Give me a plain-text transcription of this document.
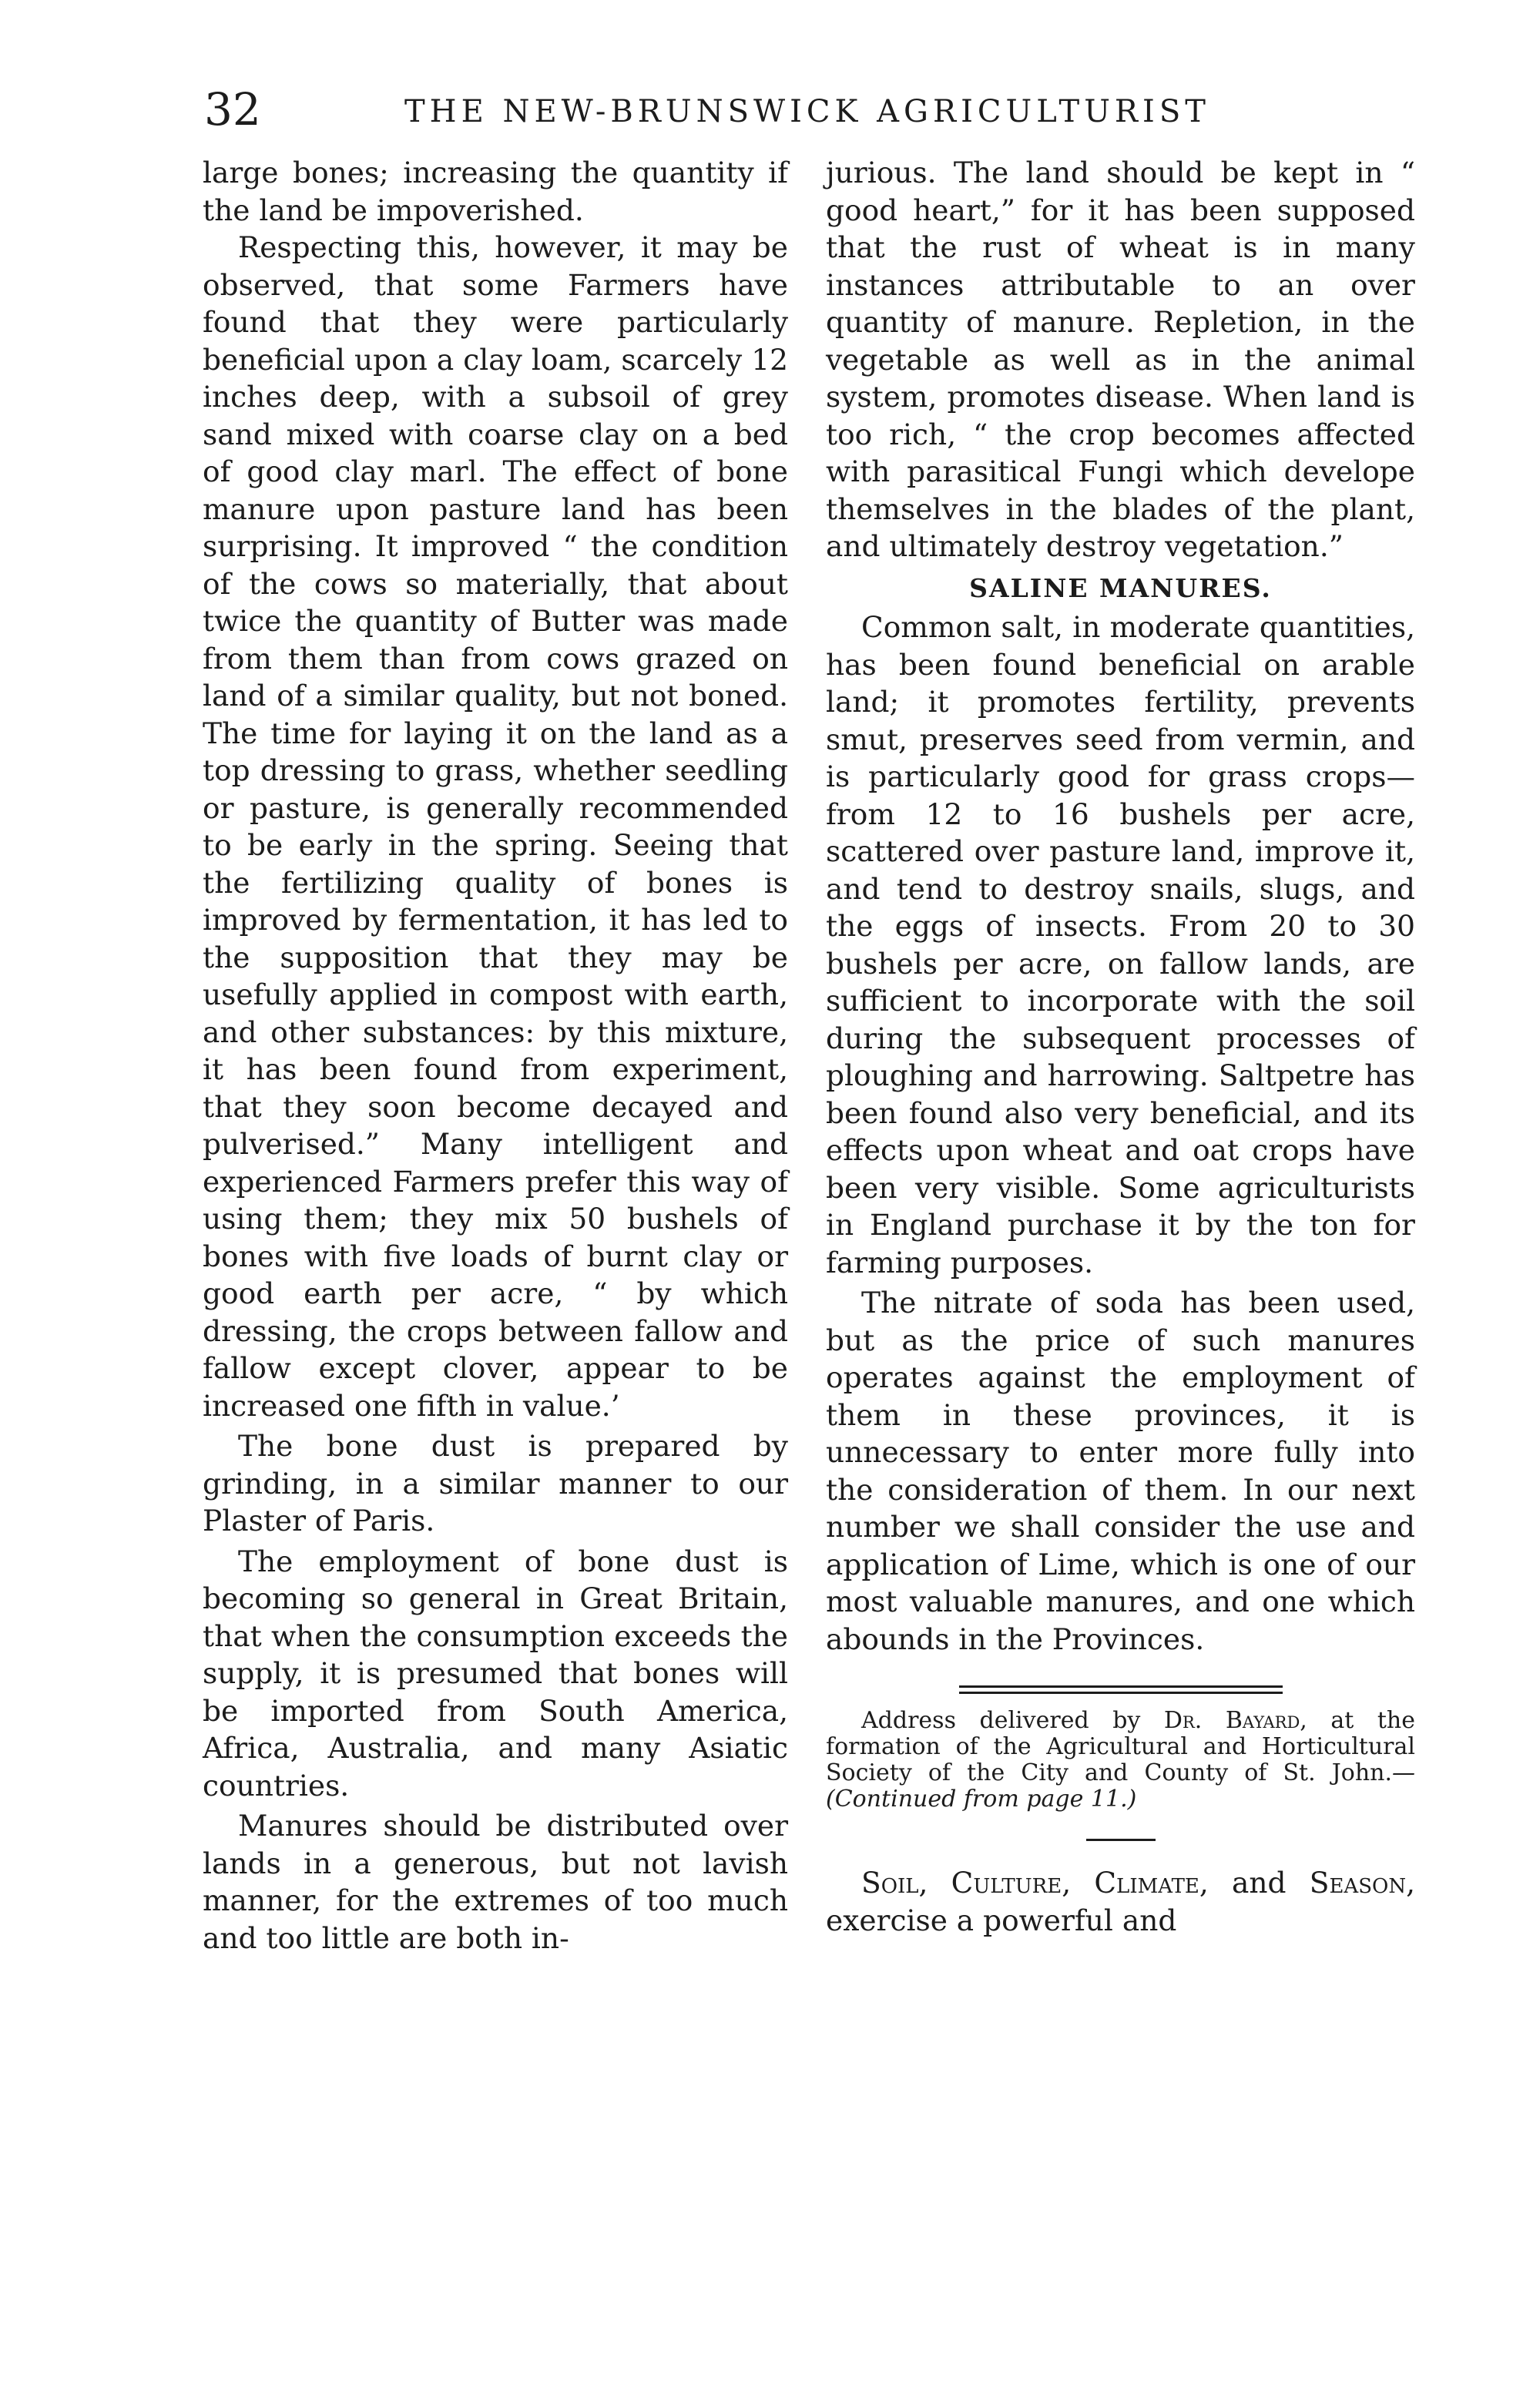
32	THE NEW-BRUNSWICK AGRICULTURIST

large bones; increasing the quantity if the land be impoverished.

Respecting this, however, it may be observed, that some Farmers have found that they were particularly beneficial upon a clay loam, scarcely 12 inches deep, with a subsoil of grey sand mixed with coarse clay on a bed of good clay marl. The effect of bone manure upon pasture land has been surprising. It improved “ the condition of the cows so materially, that about twice the quantity of Butter was made from them than from cows grazed on land of a similar quality, but not boned. The time for laying it on the land as a top dressing to grass, whether seedling or pasture, is generally recommended to be early in the spring. Seeing that the fertilizing quality of bones is improved by fermentation, it has led to the supposition that they may be usefully applied in compost with earth, and other substances: by this mixture, it has been found from experiment, that they soon become decayed and pulverised.” Many intelligent and experienced Farmers prefer this way of using them; they mix 50 bushels of bones with five loads of burnt clay or good earth per acre, “ by which dressing, the crops between fallow and fallow except clover, appear to be increased one fifth in value.’

The bone dust is prepared by grinding, in a similar manner to our Plaster of Paris.

The employment of bone dust is becoming so general in Great Britain, that when the consumption exceeds the supply, it is presumed that bones will be imported from South America, Africa, Australia, and many Asiatic countries.

Manures should be distributed over lands in a generous, but not lavish manner, for the extremes of too much and too little are both in-

jurious. The land should be kept in “ good heart,” for it has been supposed that the rust of wheat is in many instances attributable to an over quantity of manure. Repletion, in the vegetable as well as in the animal system, promotes disease. When land is too rich, “ the crop becomes affected with parasitical Fungi which develope themselves in the blades of the plant, and ultimately destroy vegetation.”

SALINE MANURES.

Common salt, in moderate quantities, has been found beneficial on arable land; it promotes fertility, prevents smut, preserves seed from vermin, and is particularly good for grass crops—from 12 to 16 bushels per acre, scattered over pasture land, improve it, and tend to destroy snails, slugs, and the eggs of insects. From 20 to 30 bushels per acre, on fallow lands, are sufficient to incorporate with the soil during the subsequent processes of ploughing and harrowing. Saltpetre has been found also very beneficial, and its effects upon wheat and oat crops have been very visible. Some agriculturists in England purchase it by the ton for farming purposes.

The nitrate of soda has been used, but as the price of such manures operates against the employment of them in these provinces, it is unnecessary to enter more fully into the consideration of them. In our next number we shall consider the use and application of Lime, which is one of our most valuable manures, and one which abounds in the Provinces.

Address delivered by Dr. Bayard, at the formation of the Agricultural and Horticultural Society of the City and County of St. John.—(Continued from page 11.)

Soil, Culture, Climate, and Season, exercise a powerful and
